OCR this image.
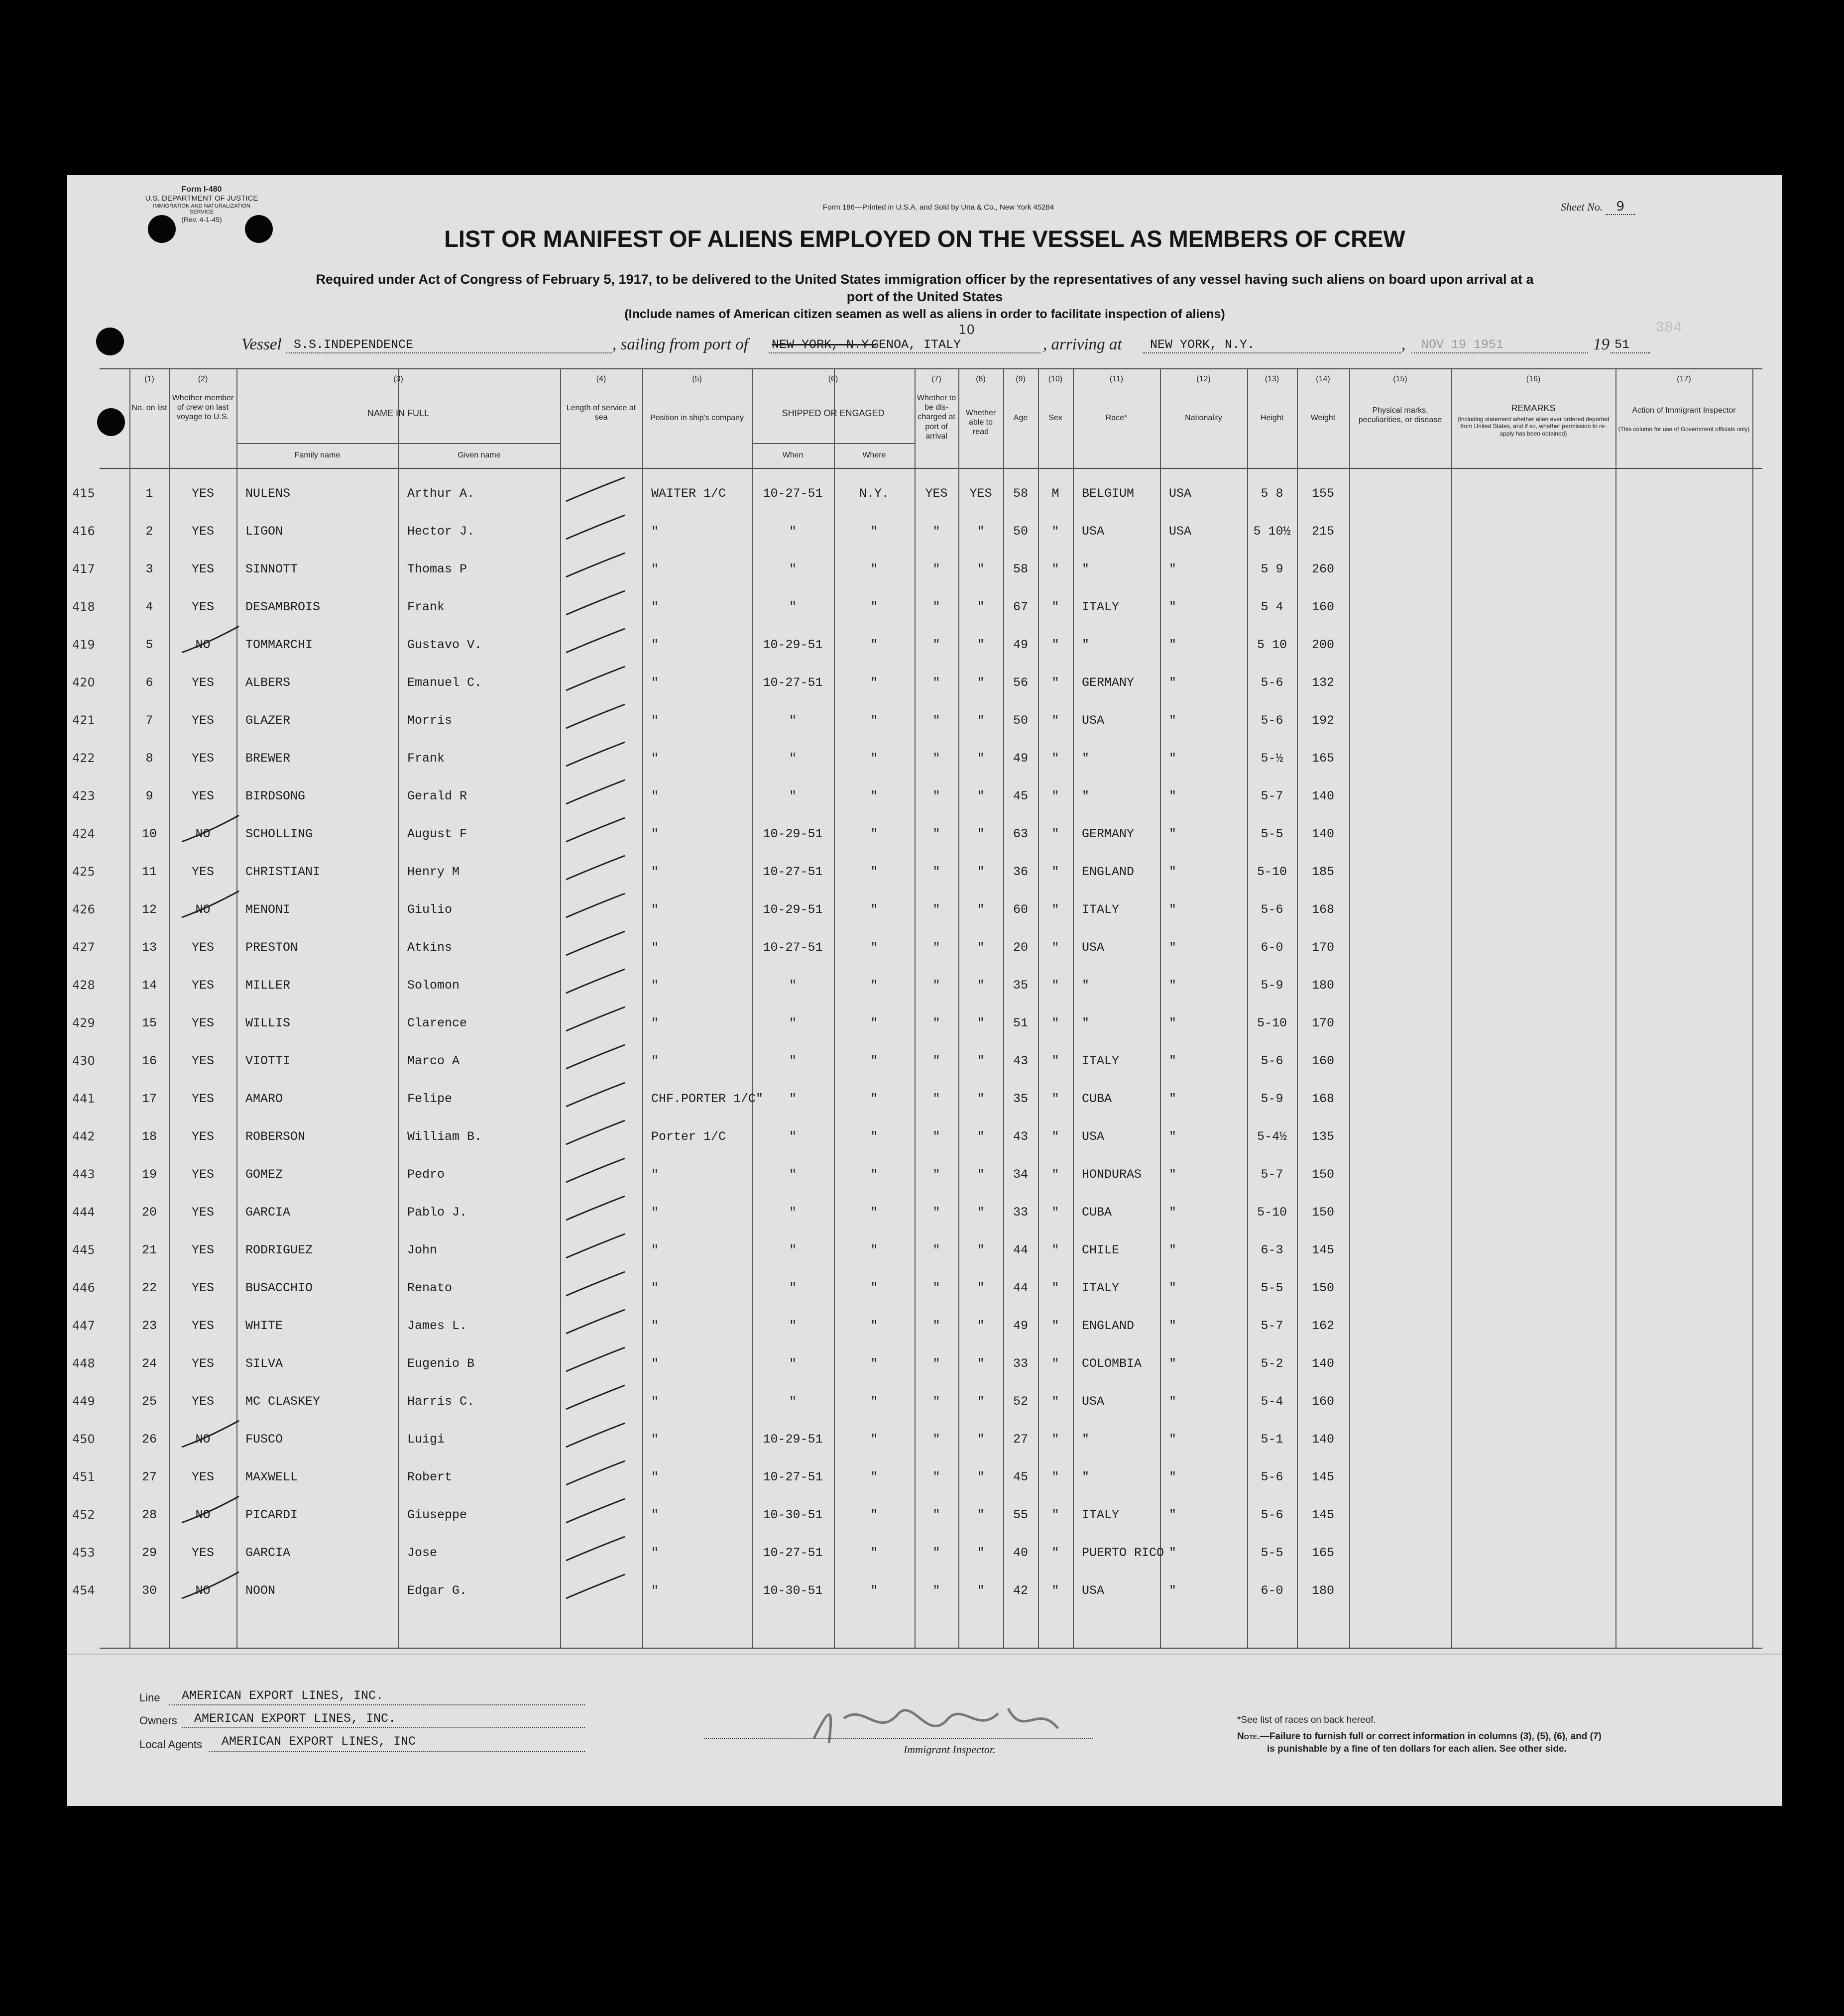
Form I-480
U.S. DEPARTMENT OF JUSTICE
IMMIGRATION AND NATURALIZATION SERVICE
(Rev. 4-1-45)
Form 186—Printed in U.S.A. and Sold by Una & Co., New York 45284	Sheet No. 9
LIST OR MANIFEST OF ALIENS EMPLOYED ON THE VESSEL AS MEMBERS OF CREW
Required under Act of Congress of February 5, 1917, to be delivered to the United States immigration officer by the representatives of any vessel having such aliens on board upon arrival at a
port of the United States
(Include names of American citizen seamen as well as aliens in order to facilitate inspection of aliens)
Vessel S.S.INDEPENDENCE	, sailing from port of NEW YORK, N.Y.
GENOA, ITALY
10
, arriving at NEW YORK, N.Y.	, NOV 19 1951	19 51
384
(1)	(2)	(3)	(4)	(5)	(6)	(7)	(8)	(9)	(10)	(11)	(12)	(13)	(14)	(15)	(16)	(17)
No. on list
Whether member of crew on last voyage to U.S.	NAME IN FULL
Family name	Given name
Length of service at sea	Position in ship's company	SHIPPED OR ENGAGED
When	Where
Whether to be dis-charged at port of arrival
Whether able to read
Age	Sex	Race*	Nationality	Height	Weight
Physical marks, peculiarities, or disease
REMARKS
(Including statement whether alien ever ordered deported from United States, and if so, whether permission to re-apply has been obtained)
Action of Immigrant Inspector
(This column for use of Government officials only)
415	1	YES	NULENS	Arthur A.	WAITER 1/C	10-27-51	N.Y.	YES	YES	58	M	BELGIUM	USA	5 8	155
416	2	YES	LIGON	Hector J.	"	"	"	"	"	50	"	USA	USA	5 10½	215
417	3	YES	SINNOTT	Thomas P	"	"	"	"	"	58	"	"	"	5 9	260
418	4	YES	DESAMBROIS	Frank	"	"	"	"	"	67	"	ITALY	"	5 4	160
419	5	NO	TOMMARCHI	Gustavo V.	"	10-29-51	"	"	"	49	"	"	"	5 10	200
420	6	YES	ALBERS	Emanuel C.	"	10-27-51	"	"	"	56	"	GERMANY	"	5-6	132
421	7	YES	GLAZER	Morris	"	"	"	"	"	50	"	USA	"	5-6	192
422	8	YES	BREWER	Frank	"	"	"	"	"	49	"	"	"	5-½	165
423	9	YES	BIRDSONG	Gerald R	"	"	"	"	"	45	"	"	"	5-7	140
424	10	NO	SCHOLLING	August F	"	10-29-51	"	"	"	63	"	GERMANY	"	5-5	140
425	11	YES	CHRISTIANI	Henry M	"	10-27-51	"	"	"	36	"	ENGLAND	"	5-10	185
426	12	NO	MENONI	Giulio	"	10-29-51	"	"	"	60	"	ITALY	"	5-6	168
427	13	YES	PRESTON	Atkins	"	10-27-51	"	"	"	20	"	USA	"	6-0	170
428	14	YES	MILLER	Solomon	"	"	"	"	"	35	"	"	"	5-9	180
429	15	YES	WILLIS	Clarence	"	"	"	"	"	51	"	"	"	5-10	170
430	16	YES	VIOTTI	Marco A	"	"	"	"	"	43	"	ITALY	"	5-6	160
441	17	YES	AMARO	Felipe	CHF.PORTER 1/C"	"	"	"	"	35	"	CUBA	"	5-9	168
442	18	YES	ROBERSON	William B.	Porter 1/C	"	"	"	"	43	"	USA	"	5-4½	135
443	19	YES	GOMEZ	Pedro	"	"	"	"	"	34	"	HONDURAS "	5-7	150
444	20	YES	GARCIA	Pablo J.	"	"	"	"	"	33	"	CUBA	"	5-10	150
445	21	YES	RODRIGUEZ	John	"	"	"	"	"	44	"	CHILE	"	6-3	145
446	22	YES	BUSACCHIO	Renato	"	"	"	"	"	44	"	ITALY	"	5-5	150
447	23	YES	WHITE	James L.	"	"	"	"	"	49	"	ENGLAND	"	5-7	162
448	24	YES	SILVA	Eugenio B	"	"	"	"	"	33	"	COLOMBIA "	5-2	140
449	25	YES	MC CLASKEY	Harris C.	"	"	"	"	"	52	"	USA	"	5-4	160
450	26	NO	FUSCO	Luigi	"	10-29-51	"	"	"	27	"	"	"	5-1	140
451	27	YES	MAXWELL	Robert	"	10-27-51	"	"	"	45	"	"	"	5-6	145
452	28	NO	PICARDI	Giuseppe	"	10-30-51	"	"	"	55	"	ITALY	"	5-6	145
453	29	YES	GARCIA	Jose	"	10-27-51	"	"	"	40	"	PUERTO RICO "	5-5	165
454	30	NO	NOON	Edgar G.	"	10-30-51	"	"	"	42	"	USA	"	6-0	180
Line AMERICAN EXPORT LINES, INC.
Owners AMERICAN EXPORT LINES, INC.
Local Agents AMERICAN EXPORT LINES, INC
Immigrant Inspector.
*See list of races on back hereof.
Note.—Failure to furnish full or correct information in columns (3), (5), (6), and (7)
is punishable by a fine of ten dollars for each alien. See other side.
